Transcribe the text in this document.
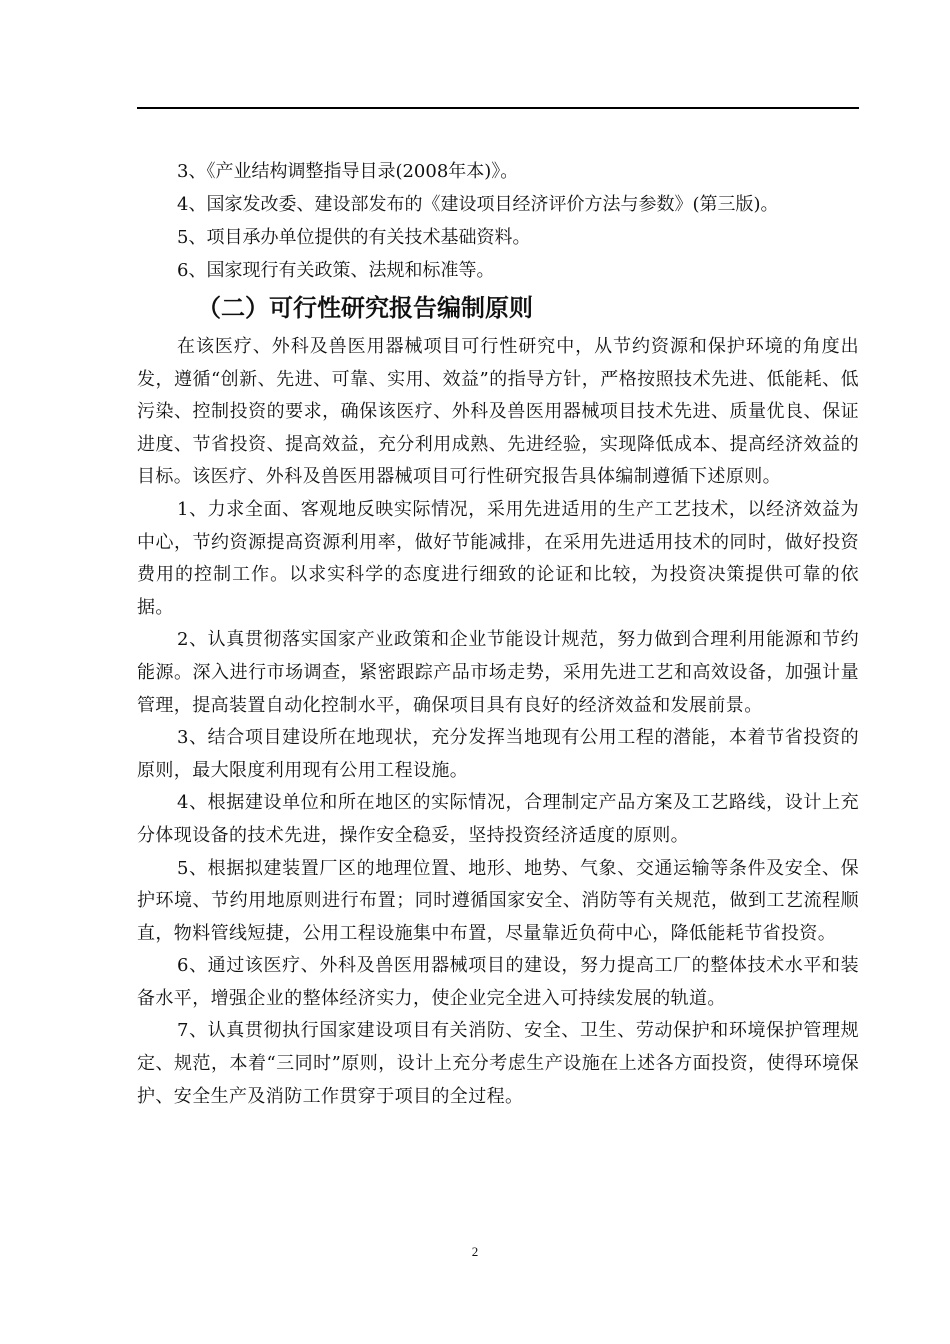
3、《产业结构调整指导目录(2008年本)》。

4、国家发改委、建设部发布的《建设项目经济评价方法与参数》(第三版)。

5、项目承办单位提供的有关技术基础资料。

6、国家现行有关政策、法规和标准等。

（二）可行性研究报告编制原则

在该医疗、外科及兽医用器械项目可行性研究中，从节约资源和保护环境的角度出发，遵循“创新、先进、可靠、实用、效益”的指导方针，严格按照技术先进、低能耗、低污染、控制投资的要求，确保该医疗、外科及兽医用器械项目技术先进、质量优良、保证进度、节省投资、提高效益，充分利用成熟、先进经验，实现降低成本、提高经济效益的目标。该医疗、外科及兽医用器械项目可行性研究报告具体编制遵循下述原则。

1、力求全面、客观地反映实际情况，采用先进适用的生产工艺技术，以经济效益为中心，节约资源提高资源利用率，做好节能减排，在采用先进适用技术的同时，做好投资费用的控制工作。以求实科学的态度进行细致的论证和比较，为投资决策提供可靠的依据。

2、认真贯彻落实国家产业政策和企业节能设计规范，努力做到合理利用能源和节约能源。深入进行市场调查，紧密跟踪产品市场走势，采用先进工艺和高效设备，加强计量管理，提高装置自动化控制水平，确保项目具有良好的经济效益和发展前景。

3、结合项目建设所在地现状，充分发挥当地现有公用工程的潜能，本着节省投资的原则，最大限度利用现有公用工程设施。

4、根据建设单位和所在地区的实际情况，合理制定产品方案及工艺路线，设计上充分体现设备的技术先进，操作安全稳妥，坚持投资经济适度的原则。

5、根据拟建装置厂区的地理位置、地形、地势、气象、交通运输等条件及安全、保护环境、节约用地原则进行布置；同时遵循国家安全、消防等有关规范，做到工艺流程顺直，物料管线短捷，公用工程设施集中布置，尽量靠近负荷中心，降低能耗节省投资。

6、通过该医疗、外科及兽医用器械项目的建设，努力提高工厂的整体技术水平和装备水平，增强企业的整体经济实力，使企业完全进入可持续发展的轨道。

7、认真贯彻执行国家建设项目有关消防、安全、卫生、劳动保护和环境保护管理规定、规范，本着“三同时”原则，设计上充分考虑生产设施在上述各方面投资，使得环境保护、安全生产及消防工作贯穿于项目的全过程。

2
